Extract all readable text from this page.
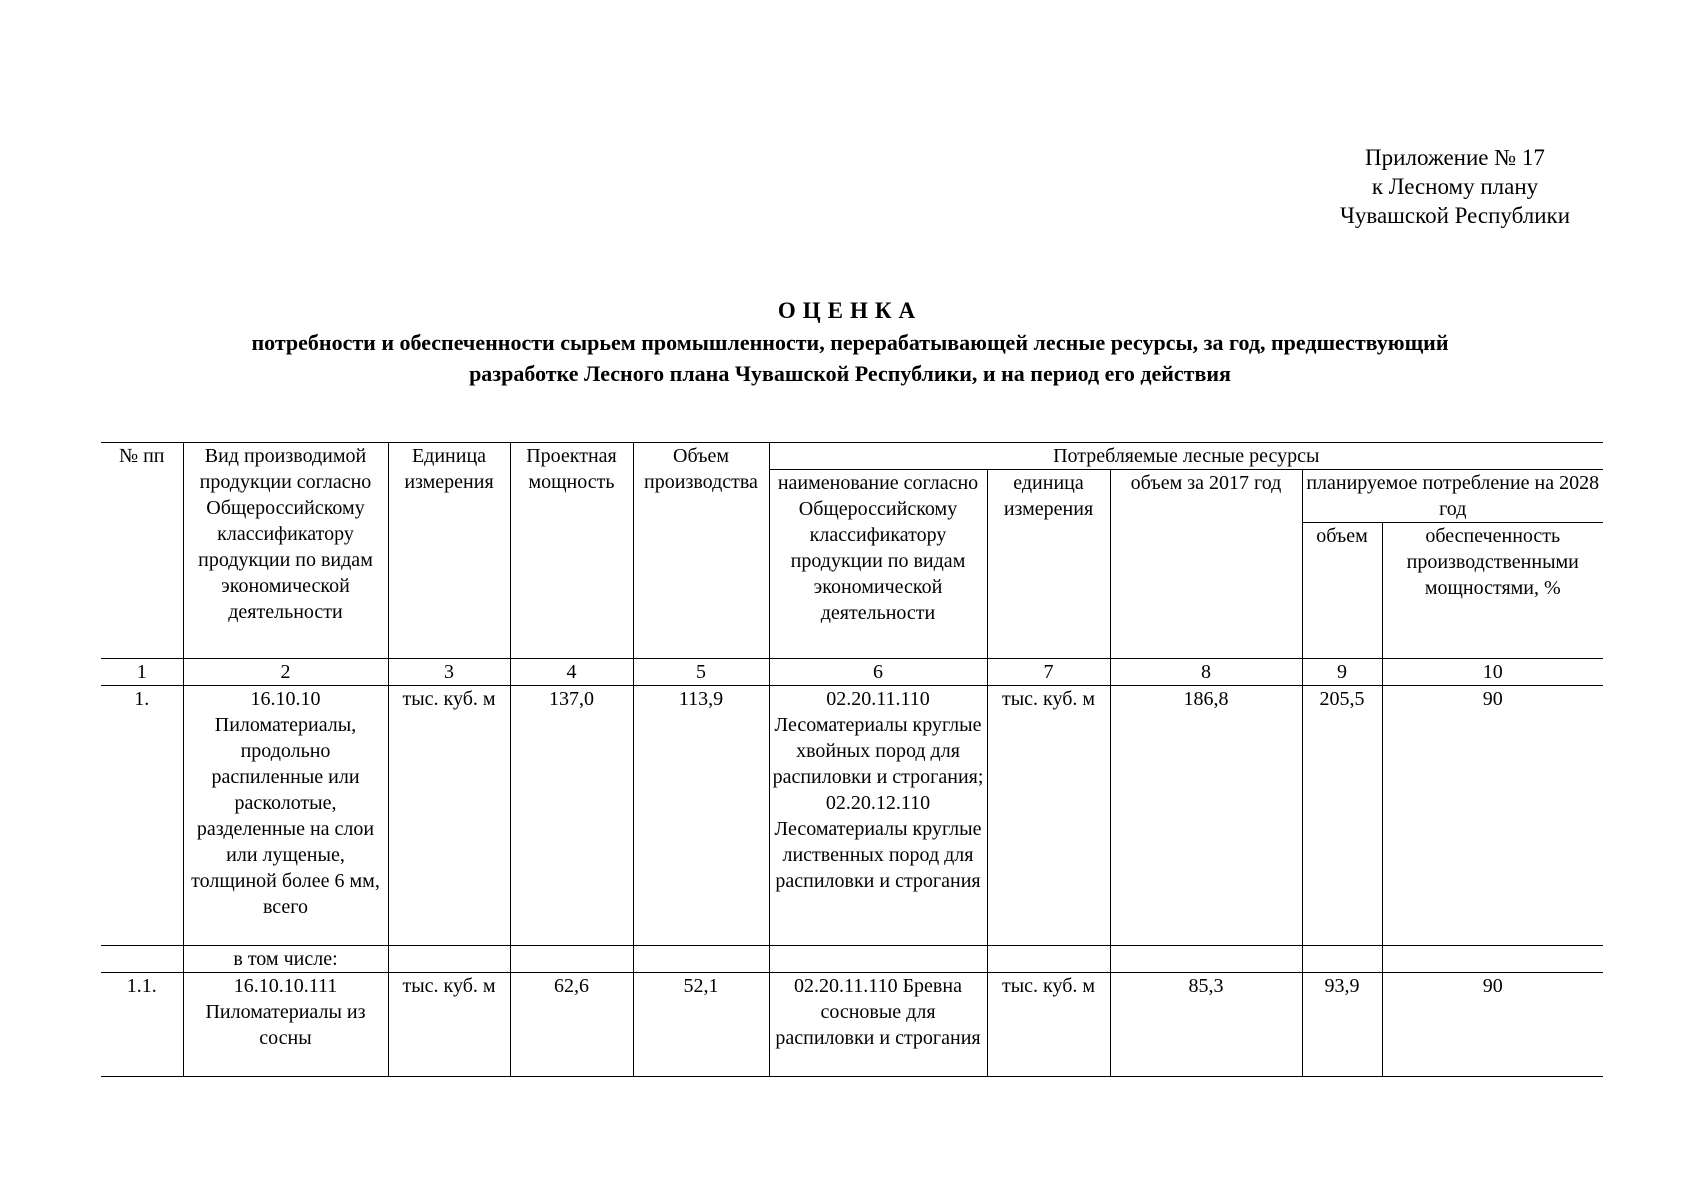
Приложение № 17
к Лесному плану
Чувашской Республики
ОЦЕНКА
потребности и обеспеченности сырьем промышленности, перерабатывающей лесные ресурсы, за год, предшествующий
разработке Лесного плана Чувашской Республики, и на период его действия
№ пп	Вид производимой продукции согласно Общероссийскому классификатору продукции по видам экономической деятельности	Единица измерения	Проектная мощность	Объем производства	Потребляемые лесные ресурсы				
					наименование согласно Общероссийскому классификатору продукции по видам экономической деятельности	единица измерения	объем за 2017 год	планируемое потребление на 2028 год	
								объем	обеспеченность производственными мощностями, %
1	2	3	4	5	6	7	8	9	10
1.	16.10.10 Пиломатериалы, продольно распиленные или расколотые, разделенные на слои или лущеные, толщиной более 6 мм, всего	тыс. куб. м	137,0	113,9	02.20.11.110 Лесоматериалы круглые хвойных пород для распиловки и строгания; 02.20.12.110 Лесоматериалы круглые лиственных пород для распиловки и строгания	тыс. куб. м	186,8	205,5	90
	в том числе:								
1.1.	16.10.10.111 Пиломатериалы из сосны	тыс. куб. м	62,6	52,1	02.20.11.110 Бревна сосновые для распиловки и строгания	тыс. куб. м	85,3	93,9	90
